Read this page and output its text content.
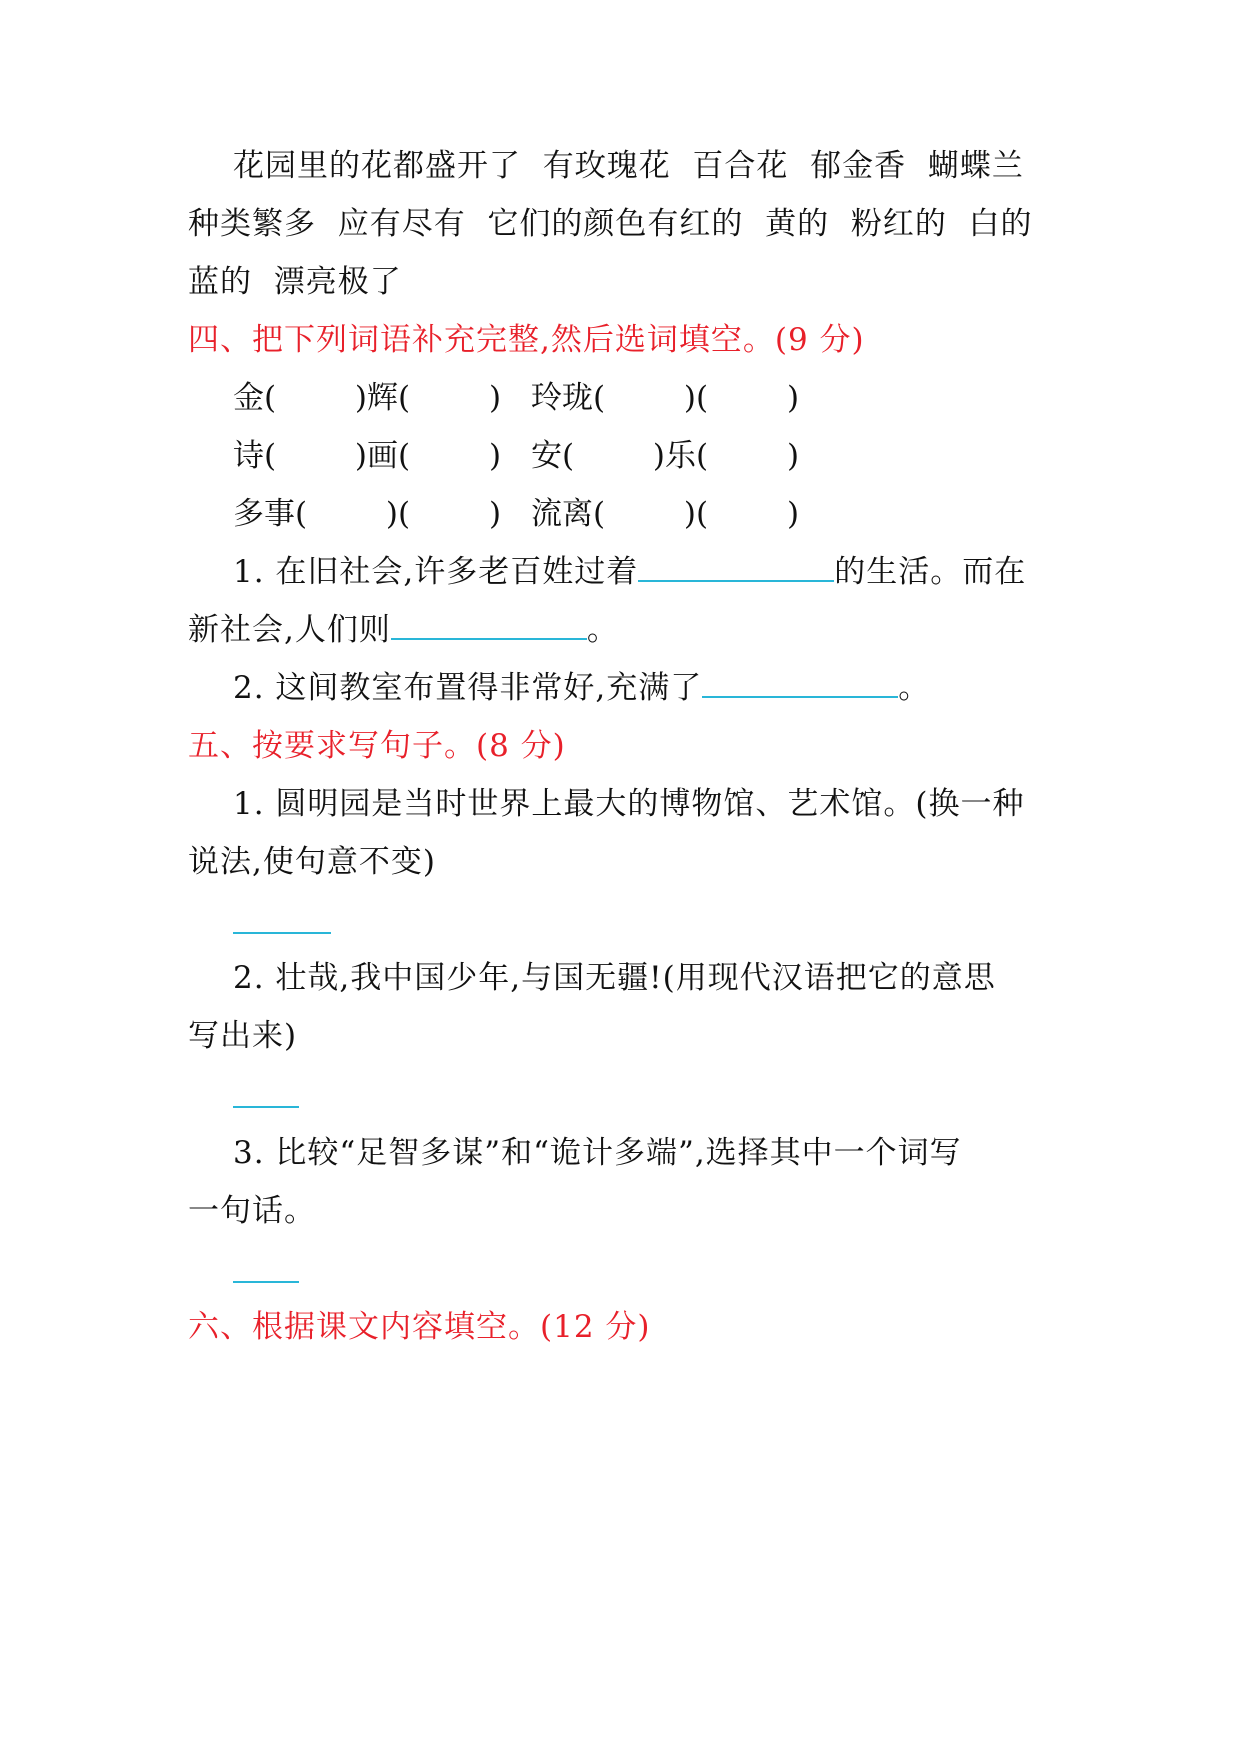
花园里的花都盛开了  有玫瑰花  百合花  郁金香  蝴蝶兰
种类繁多  应有尽有  它们的颜色有红的  黄的  粉红的  白的
蓝的  漂亮极了
四、把下列词语补充完整,然后选词填空。(9 分)
金(        )辉(        ) 玲珑(        )(        )
诗(        )画(        ) 安(        )乐(        )
多事(        )(        ) 流离(        )(        )
1. 在旧社会,许多老百姓过着	的生活。而在
新社会,人们则	。
2. 这间教室布置得非常好,充满了	。
五、按要求写句子。(8 分)
1. 圆明园是当时世界上最大的博物馆、艺术馆。(换一种
说法,使句意不变)
2. 壮哉,我中国少年,与国无疆!(用现代汉语把它的意思
写出来)
3. 比较“足智多谋”和“诡计多端”,选择其中一个词写
一句话。
六、根据课文内容填空。(12 分)
